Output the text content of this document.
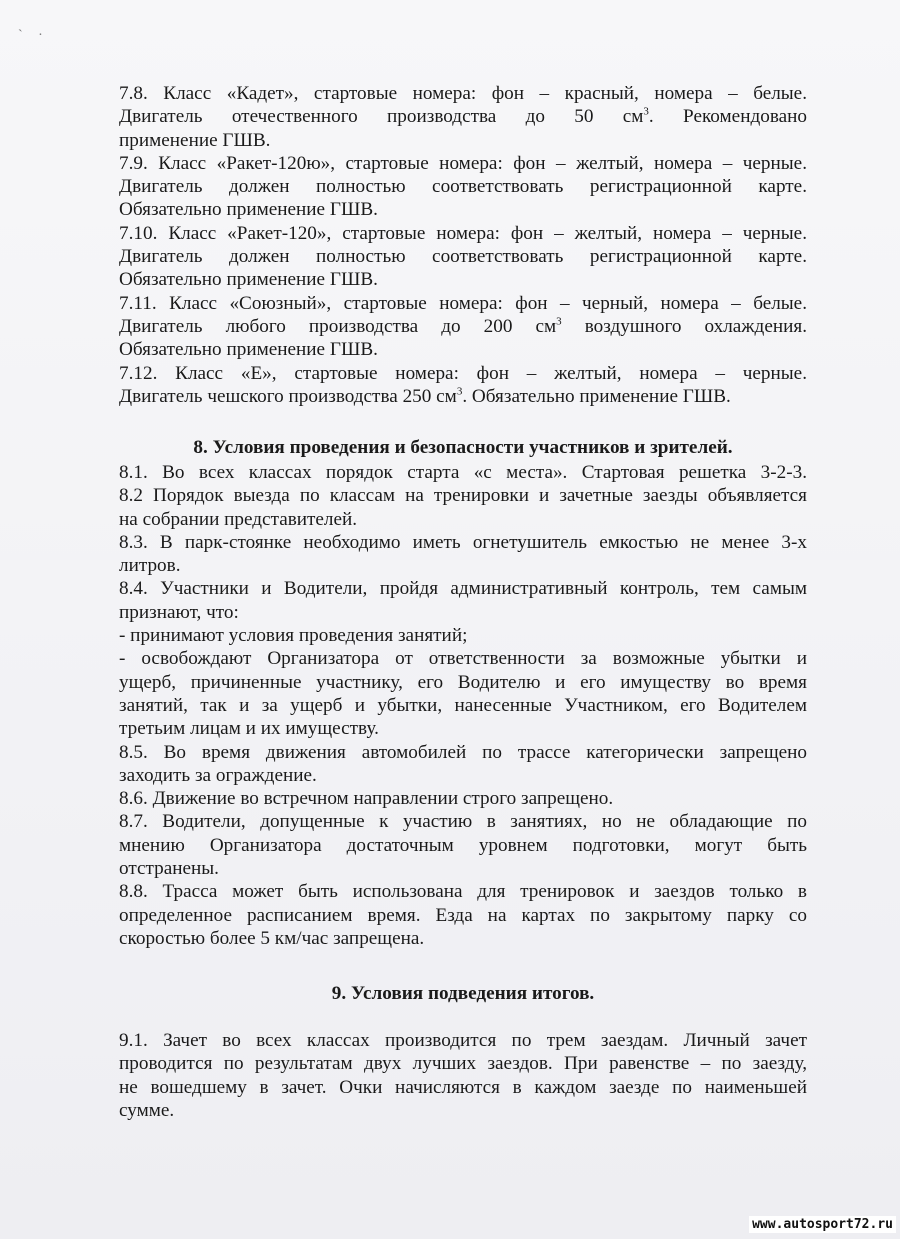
` ·
7.8. Класс «Кадет», стартовые номера: фон – красный, номера – белые.
Двигатель отечественного производства до 50 $см^3$. Рекомендовано
применение ГШВ.
7.9. Класс «Ракет-120ю», стартовые номера: фон – желтый, номера – черные.
Двигатель должен полностью соответствовать регистрационной карте.
Обязательно применение ГШВ.
7.10. Класс «Ракет-120», стартовые номера: фон – желтый, номера – черные.
Двигатель должен полностью соответствовать регистрационной карте.
Обязательно применение ГШВ.
7.11. Класс «Союзный», стартовые номера: фон – черный, номера – белые.
Двигатель любого производства до 200 $см^3$ воздушного охлаждения.
Обязательно применение ГШВ.
7.12. Класс «Е», стартовые номера: фон – желтый, номера – черные.
Двигатель чешского производства 250 $см^3$. Обязательно применение ГШВ.
8. Условия проведения и безопасности участников и зрителей.
8.1. Во всех классах порядок старта «с места». Стартовая решетка 3-2-3.
8.2 Порядок выезда по классам на тренировки и зачетные заезды объявляется
на собрании представителей.
8.3. В парк-стоянке необходимо иметь огнетушитель емкостью не менее 3-х
литров.
8.4. Участники и Водители, пройдя административный контроль, тем самым
признают, что:
- принимают условия проведения занятий;
- освобождают Организатора от ответственности за возможные убытки и
ущерб, причиненные участнику, его Водителю и его имуществу во время
занятий, так и за ущерб и убытки, нанесенные Участником, его Водителем
третьим лицам и их имуществу.
8.5. Во время движения автомобилей по трассе категорически запрещено
заходить за ограждение.
8.6. Движение во встречном направлении строго запрещено.
8.7. Водители, допущенные к участию в занятиях, но не обладающие по
мнению Организатора достаточным уровнем подготовки, могут быть
отстранены.
8.8. Трасса может быть использована для тренировок и заездов только в
определенное расписанием время. Езда на картах по закрытому парку со
скоростью более 5 км/час запрещена.
9. Условия подведения итогов.
9.1. Зачет во всех классах производится по трем заездам. Личный зачет
проводится по результатам двух лучших заездов. При равенстве – по заезду,
не вошедшему в зачет. Очки начисляются в каждом заезде по наименьшей
сумме.
www.autosport72.ru
